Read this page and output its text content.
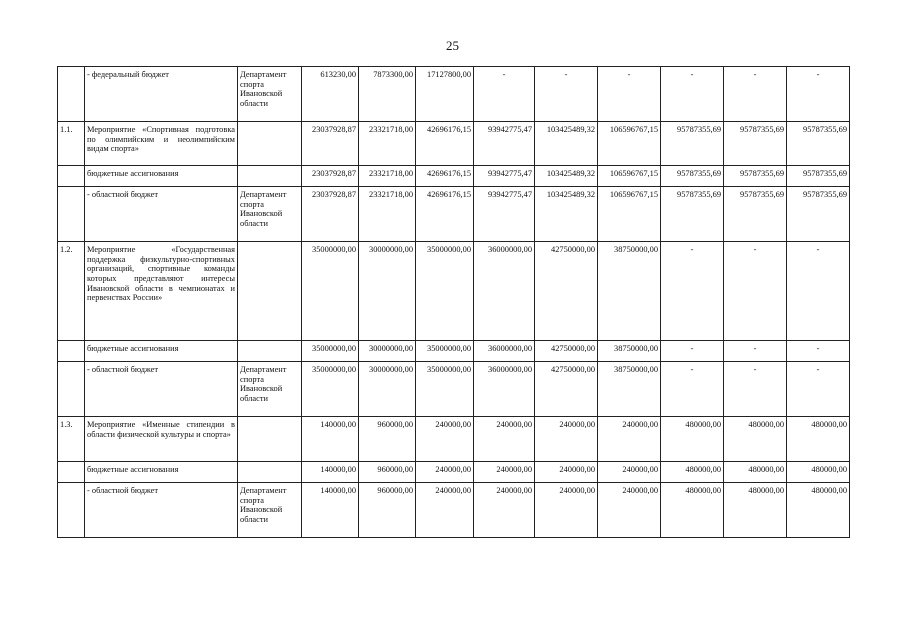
25
	- федеральный бюджет	Департамент спорта Ивановской области	613230,00	7873300,00	17127800,00	-	-	-	-	-	-
1.1.	Мероприятие «Спортивная подготовка по олимпийским и неолимпийским видам спорта»		23037928,87	23321718,00	42696176,15	93942775,47	103425489,32	106596767,15	95787355,69	95787355,69	95787355,69
	бюджетные ассигнования		23037928,87	23321718,00	42696176,15	93942775,47	103425489,32	106596767,15	95787355,69	95787355,69	95787355,69
	- областной бюджет	Департамент спорта Ивановской области	23037928,87	23321718,00	42696176,15	93942775,47	103425489,32	106596767,15	95787355,69	95787355,69	95787355,69
1.2.	Мероприятие «Государственная поддержка физкультурно-спортивных организаций, спортивные команды которых представляют интересы Ивановской области в чемпионатах и первенствах России»		35000000,00	30000000,00	35000000,00	36000000,00	42750000,00	38750000,00	-	-	-
	бюджетные ассигнования		35000000,00	30000000,00	35000000,00	36000000,00	42750000,00	38750000,00	-	-	-
	- областной бюджет	Департамент спорта Ивановской области	35000000,00	30000000,00	35000000,00	36000000,00	42750000,00	38750000,00	-	-	-
1.3.	Мероприятие «Именные стипендии в области физической культуры и спорта»		140000,00	960000,00	240000,00	240000,00	240000,00	240000,00	480000,00	480000,00	480000,00
	бюджетные ассигнования		140000,00	960000,00	240000,00	240000,00	240000,00	240000,00	480000,00	480000,00	480000,00
	- областной бюджет	Департамент спорта Ивановской области	140000,00	960000,00	240000,00	240000,00	240000,00	240000,00	480000,00	480000,00	480000,00
